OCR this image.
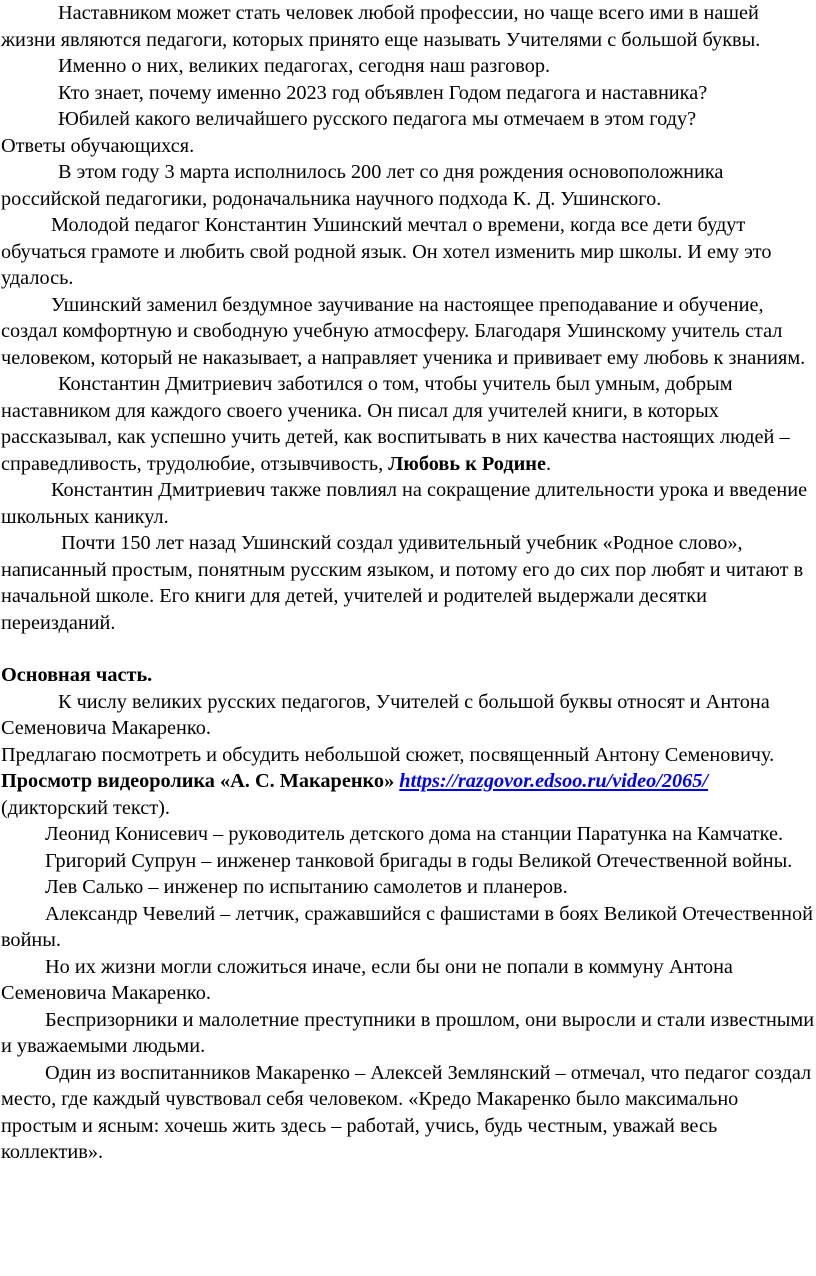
Наставником может стать человек любой профессии, но чаще всего ими в нашей жизни являются педагоги, которых принято еще называть Учителями с большой буквы.

Именно о них, великих педагогах, сегодня наш разговор.

Кто знает, почему именно 2023 год объявлен Годом педагога и наставника?

Юбилей какого величайшего русского педагога мы отмечаем в этом году?

Ответы обучающихся.

В этом году 3 марта исполнилось 200 лет со дня рождения основоположника российской педагогики, родоначальника научного подхода К. Д. Ушинского.

Молодой педагог Константин Ушинский мечтал о времени, когда все дети будут обучаться грамоте и любить свой родной язык. Он хотел изменить мир школы. И ему это удалось.

Ушинский заменил бездумное заучивание на настоящее преподавание и обучение, создал комфортную и свободную учебную атмосферу. Благодаря Ушинскому учитель стал человеком, который не наказывает, а направляет ученика и прививает ему любовь к знаниям.

Константин Дмитриевич заботился о том, чтобы учитель был умным, добрым наставником для каждого своего ученика. Он писал для учителей книги, в которых рассказывал, как успешно учить детей, как воспитывать в них качества настоящих людей – справедливость, трудолюбие, отзывчивость, Любовь к Родине.

Константин Дмитриевич также повлиял на сокращение длительности урока и введение школьных каникул.

Почти 150 лет назад Ушинский создал удивительный учебник «Родное слово», написанный простым, понятным русским языком, и потому его до сих пор любят и читают в начальной школе. Его книги для детей, учителей и родителей выдержали десятки переизданий.

Основная часть.

К числу великих русских педагогов, Учителей с большой буквы относят и Антона Семеновича Макаренко.

Предлагаю посмотреть и обсудить небольшой сюжет, посвященный Антону Семеновичу.

Просмотр видеоролика «А. С. Макаренко» https://razgovor.edsoo.ru/video/2065/ (дикторский текст).

Леонид Конисевич – руководитель детского дома на станции Паратунка на Камчатке.

Григорий Супрун – инженер танковой бригады в годы Великой Отечественной войны.

Лев Салько – инженер по испытанию самолетов и планеров.

Александр Чевелий – летчик, сражавшийся с фашистами в боях Великой Отечественной войны.

Но их жизни могли сложиться иначе, если бы они не попали в коммуну Антона Семеновича Макаренко.

Беспризорники и малолетние преступники в прошлом, они выросли и стали известными и уважаемыми людьми.

Один из воспитанников Макаренко – Алексей Землянский – отмечал, что педагог создал место, где каждый чувствовал себя человеком. «Кредо Макаренко было максимально простым и ясным: хочешь жить здесь – работай, учись, будь честным, уважай весь коллектив».
